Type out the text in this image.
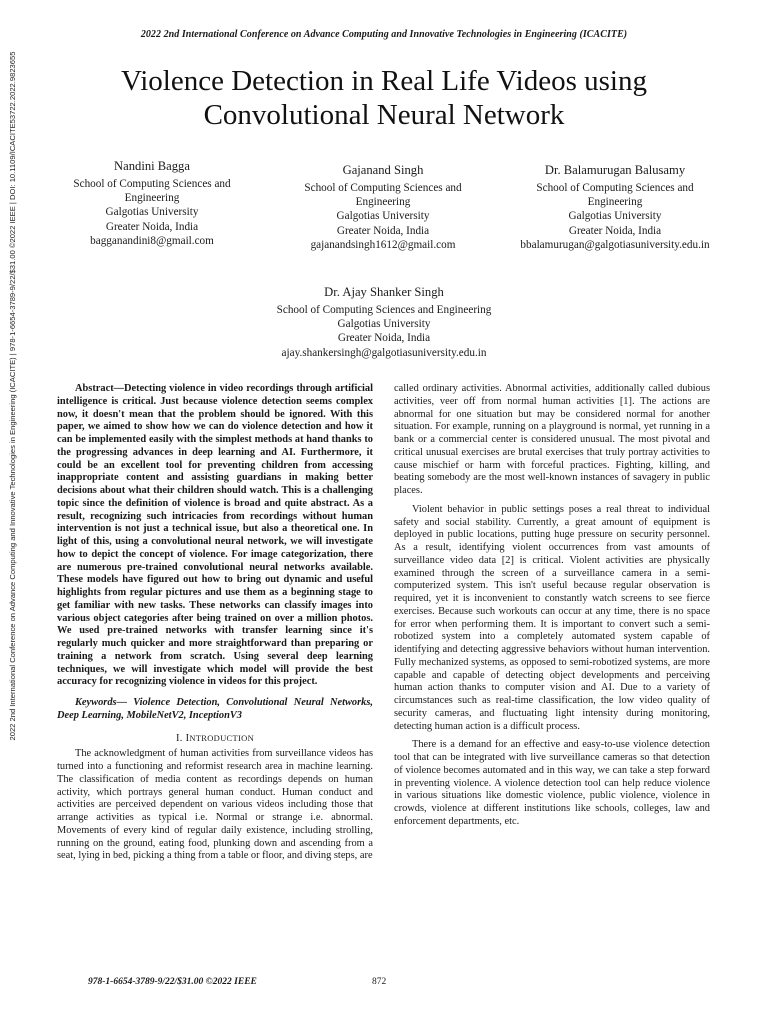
2022 2nd International Conference on Advance Computing and Innovative Technologies in Engineering (ICACITE)
2022 2nd International Conference on Advance Computing and Innovative Technologies in Engineering (ICACITE) | 978-1-6654-3789-9/22/$31.00 ©2022 IEEE | DOI: 10.1109/ICACITE53722.2022.9823655	Violence Detection in Real Life Videos using Convolutional Neural Network
Nandini Bagga
School of Computing Sciences and Engineering
Galgotias University
Greater Noida, India
bagganandini8@gmail.com
Gajanand Singh
School of Computing Sciences and Engineering
Galgotias University
Greater Noida, India
gajanandsingh1612@gmail.com
Dr. Balamurugan Balusamy
School of Computing Sciences and Engineering
Galgotias University
Greater Noida, India
bbalamurugan@galgotiasuniversity.edu.in
Dr. Ajay Shanker Singh
School of Computing Sciences and Engineering
Galgotias University
Greater Noida, India
ajay.shankersingh@galgotiasuniversity.edu.in

Abstract—Detecting violence in video recordings through artificial intelligence is critical. Just because violence detection seems complex now, it doesn't mean that the problem should be ignored. With this paper, we aimed to show how we can do violence detection and how it can be implemented easily with the simplest methods at hand thanks to the progressing advances in deep learning and AI. Furthermore, it could be an excellent tool for preventing children from accessing inappropriate content and assisting guardians in making better decisions about what their children should watch. This is a challenging topic since the definition of violence is broad and quite abstract. As a result, recognizing such intricacies from recordings without human intervention is not just a technical issue, but also a theoretical one. In light of this, using a convolutional neural network, we will investigate how to depict the concept of violence. For image categorization, there are numerous pre-trained convolutional neural networks available. These models have figured out how to bring out dynamic and useful highlights from regular pictures and use them as a beginning stage to get familiar with new tasks. These networks can classify images into various object categories after being trained on over a million photos. We used pre-trained networks with transfer learning since it's regularly much quicker and more straightforward than preparing or training a network from scratch. Using several deep learning techniques, we will investigate which model will provide the best accuracy for recognizing violence in videos for this project.

Keywords— Violence Detection, Convolutional Neural Networks, Deep Learning, MobileNetV2, InceptionV3

I. INTRODUCTION

The acknowledgment of human activities from surveillance videos has turned into a functioning and reformist research area in machine learning. The classification of media content as recordings depends on human activity, which portrays general human conduct. Human conduct and activities are perceived dependent on various videos including those that arrange activities as typical i.e. Normal or strange i.e. abnormal. Movements of every kind of regular daily existence, including strolling, running on the ground, eating food, plunking down and ascending from a seat, lying in bed, picking a thing from a table or floor, and diving steps, are

called ordinary activities. Abnormal activities, additionally called dubious activities, veer off from normal human activities [1]. The actions are abnormal for one situation but may be considered normal for another situation. For example, running on a playground is normal, yet running in a bank or a commercial center is considered unusual. The most pivotal and critical unusual exercises are brutal exercises that truly portray activities to cause mischief or harm with forceful practices. Fighting, killing, and beating somebody are the most well-known instances of savagery in public places.

Violent behavior in public settings poses a real threat to individual safety and social stability. Currently, a great amount of equipment is deployed in public locations, putting huge pressure on security personnel. As a result, identifying violent occurrences from vast amounts of surveillance video data [2] is critical. Violent activities are physically examined through the screen of a surveillance camera in a semi-computerized system. This isn't useful because regular observation is required, yet it is inconvenient to constantly watch screens to see fierce exercises. Because such workouts can occur at any time, there is no space for error when performing them. It is important to convert such a semi-robotized system into a completely automated system capable of identifying and detecting aggressive behaviors without human intervention. Fully mechanized systems, as opposed to semi-robotized systems, are more capable and capable of detecting object developments and perceiving human action thanks to computer vision and AI. Due to a variety of circumstances such as real-time classification, the low video quality of security cameras, and fluctuating light intensity during monitoring, detecting human action is a difficult process.

There is a demand for an effective and easy-to-use violence detection tool that can be integrated with live surveillance cameras so that detection of violence becomes automated and in this way, we can take a step forward in preventing violence. A violence detection tool can help reduce violence in various situations like domestic violence, public violence, violence in crowds, violence at different institutions like schools, colleges, law and enforcement departments, etc.

978-1-6654-3789-9/22/$31.00 ©2022 IEEE	872
